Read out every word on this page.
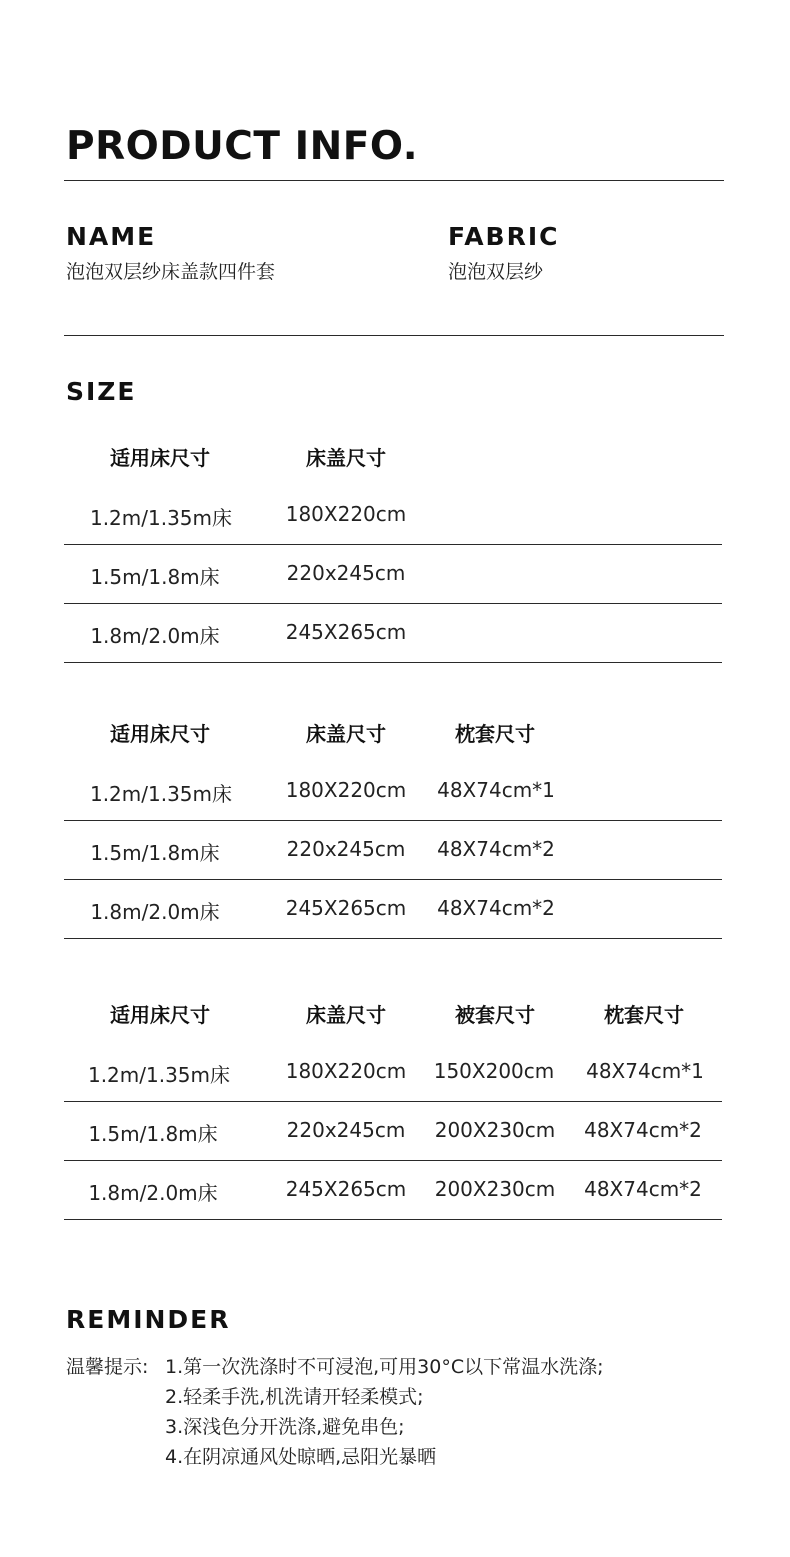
PRODUCT INFO.
NAME
泡泡双层纱床盖款四件套
FABRIC
泡泡双层纱
SIZE
适用床尺寸	床盖尺寸
1.2m/1.35m床	180X220cm
1.5m/1.8m床	220x245cm
1.8m/2.0m床	245X265cm
适用床尺寸	床盖尺寸	枕套尺寸
1.2m/1.35m床	180X220cm 48X74cm*1
1.5m/1.8m床	220x245cm 48X74cm*2
1.8m/2.0m床	245X265cm 48X74cm*2
适用床尺寸	床盖尺寸	被套尺寸	枕套尺寸
1.2m/1.35m床	180X220cm 150X200cm 48X74cm*1
1.5m/1.8m床	220x245cm 200X230cm 48X74cm*2
1.8m/2.0m床	245X265cm 200X230cm 48X74cm*2
REMINDER
温馨提示: 1.第一次洗涤时不可浸泡,可用30°C以下常温水洗涤;
2.轻柔手洗,机洗请开轻柔模式;
3.深浅色分开洗涤,避免串色;
4.在阴凉通风处晾晒,忌阳光暴晒
